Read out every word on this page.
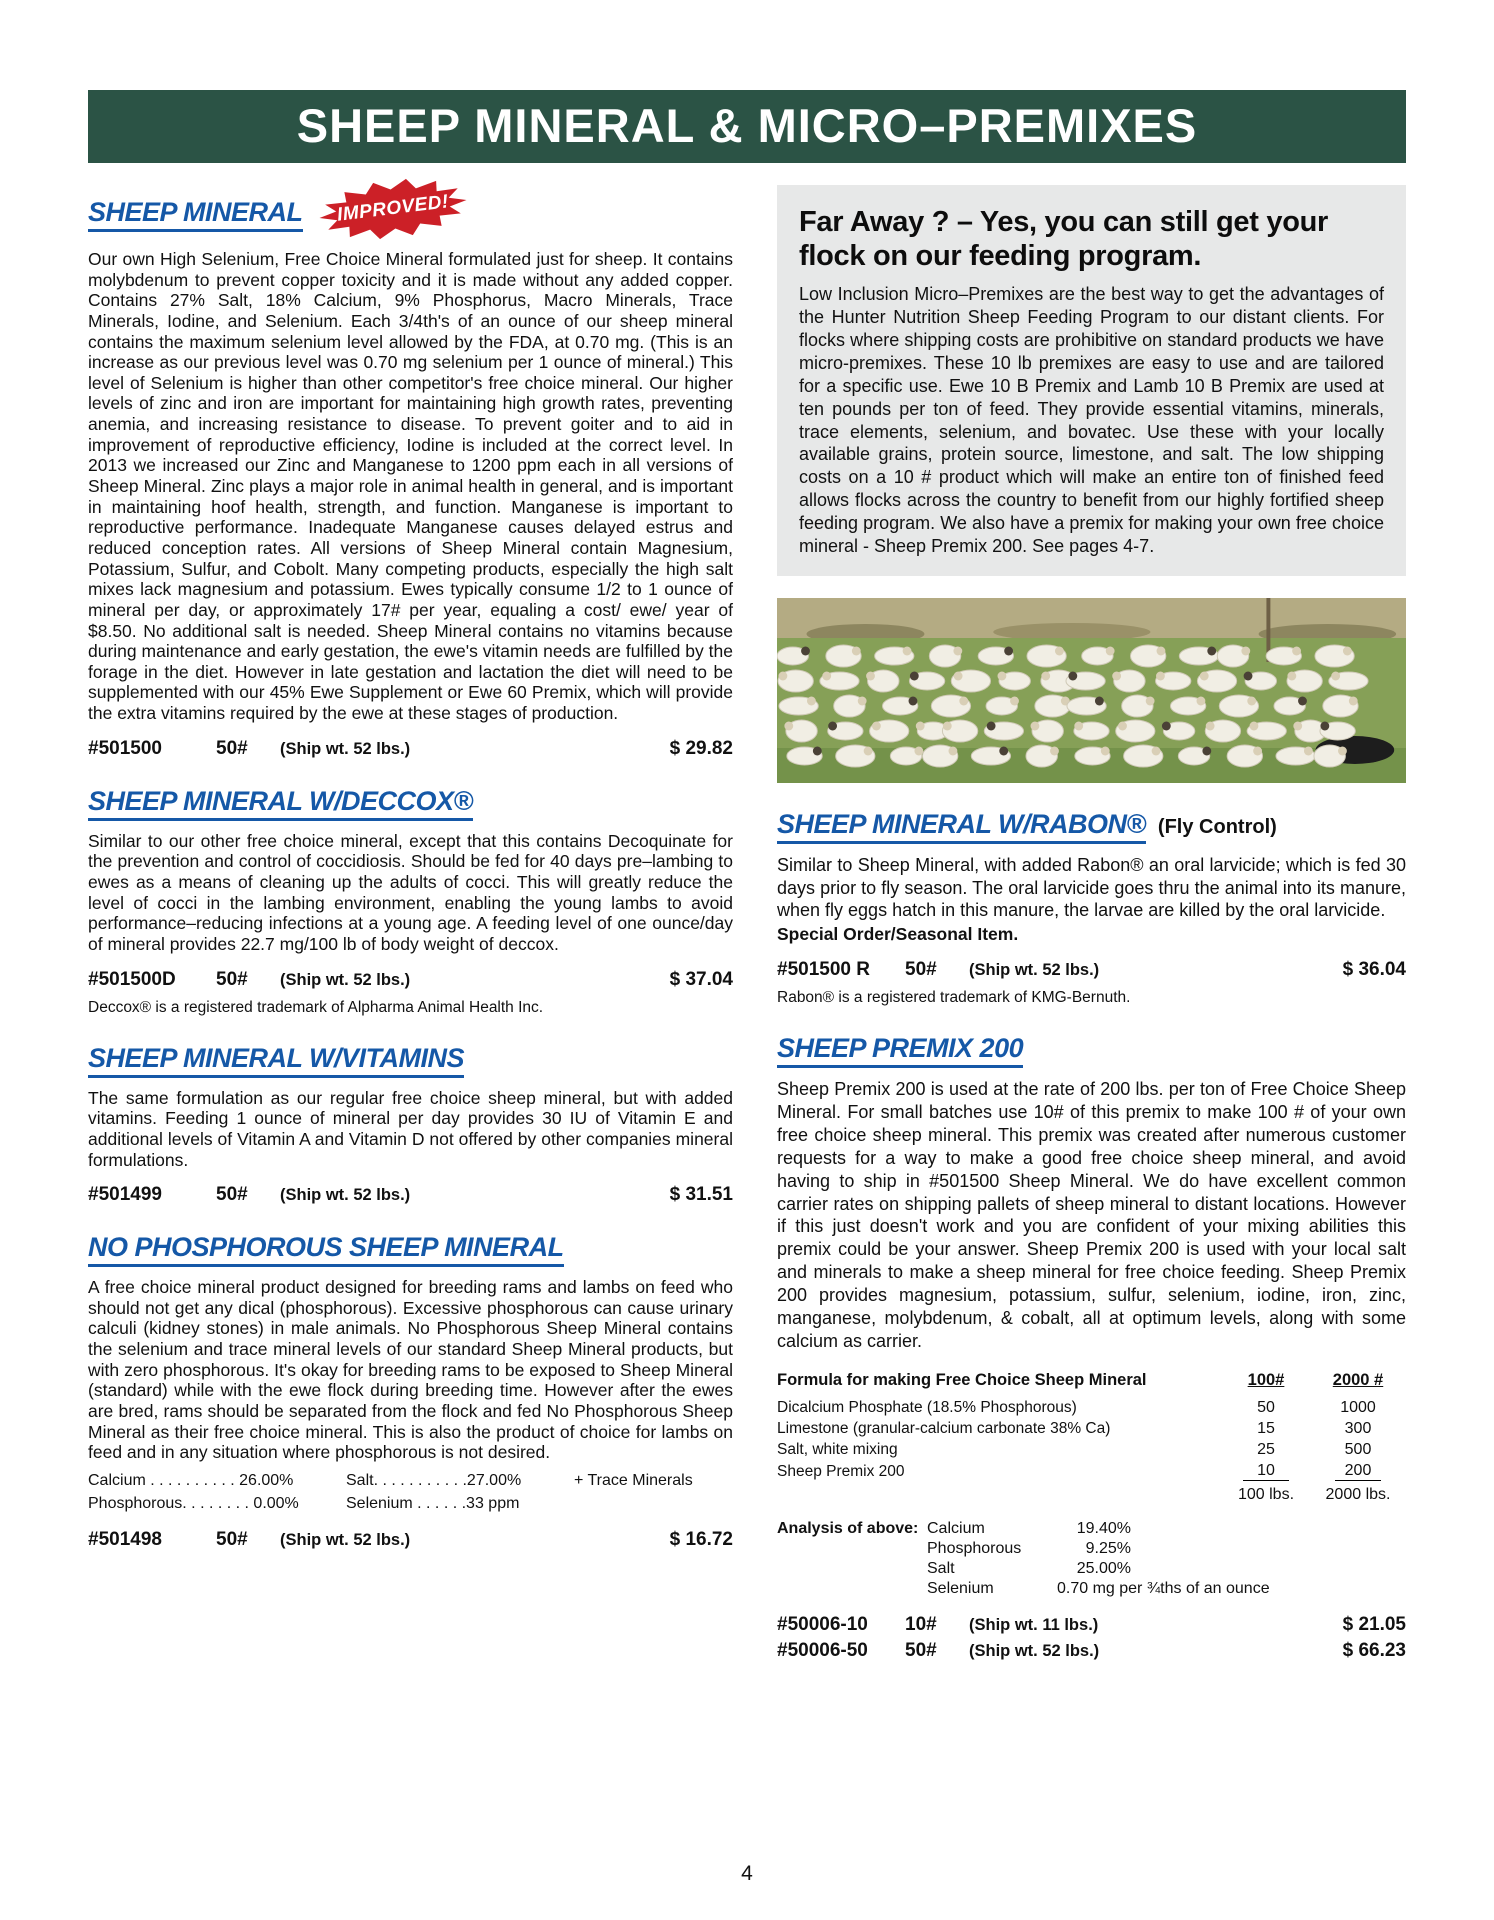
SHEEP MINERAL & MICRO–PREMIXES
SHEEP MINERAL	IMPROVED!
Our own High Selenium, Free Choice Mineral formulated just for sheep. It contains molybdenum to prevent copper toxicity and it is made without any added copper. Contains 27% Salt, 18% Calcium, 9% Phosphorus, Macro Minerals, Trace Minerals, Iodine, and Selenium. Each 3/4th's of an ounce of our sheep mineral contains the maximum selenium level allowed by the FDA, at 0.70 mg. (This is an increase as our previous level was 0.70 mg selenium per 1 ounce of mineral.) This level of Selenium is higher than other competitor's free choice mineral. Our higher levels of zinc and iron are important for maintaining high growth rates, preventing anemia, and increasing resistance to disease. To prevent goiter and to aid in improvement of reproductive efficiency, Iodine is included at the correct level. In 2013 we increased our Zinc and Manganese to 1200 ppm each in all versions of Sheep Mineral. Zinc plays a major role in animal health in general, and is important in maintaining hoof health, strength, and function. Manganese is important to reproductive performance. Inadequate Manganese causes delayed estrus and reduced conception rates. All versions of Sheep Mineral contain Magnesium, Potassium, Sulfur, and Cobolt. Many competing products, especially the high salt mixes lack magnesium and potassium. Ewes typically consume 1/2 to 1 ounce of mineral per day, or approximately 17# per year, equaling a cost/ ewe/ year of $8.50. No additional salt is needed. Sheep Mineral contains no vitamins because during maintenance and early gestation, the ewe's vitamin needs are fulfilled by the forage in the diet. However in late gestation and lactation the diet will need to be supplemented with our 45% Ewe Supplement or Ewe 60 Premix, which will provide the extra vitamins required by the ewe at these stages of production.
#501500	50#	(Ship wt. 52 lbs.)	$ 29.82
SHEEP MINERAL W/DECCOX®
Similar to our other free choice mineral, except that this contains Decoquinate for the prevention and control of coccidiosis. Should be fed for 40 days pre–lambing to ewes as a means of cleaning up the adults of cocci. This will greatly reduce the level of cocci in the lambing environment, enabling the young lambs to avoid performance–reducing infections at a young age. A feeding level of one ounce/day of mineral provides 22.7 mg/100 lb of body weight of deccox.
#501500D	50#	(Ship wt. 52 lbs.)	$ 37.04
Deccox® is a registered trademark of Alpharma Animal Health Inc.
SHEEP MINERAL W/VITAMINS
The same formulation as our regular free choice sheep mineral, but with added vitamins. Feeding 1 ounce of mineral per day provides 30 IU of Vitamin E and additional levels of Vitamin A and Vitamin D not offered by other companies mineral formulations.
#501499	50#	(Ship wt. 52 lbs.)	$ 31.51
NO PHOSPHOROUS SHEEP MINERAL
A free choice mineral product designed for breeding rams and lambs on feed who should not get any dical (phosphorous). Excessive phosphorous can cause urinary calculi (kidney stones) in male animals. No Phosphorous Sheep Mineral contains the selenium and trace mineral levels of our standard Sheep Mineral products, but with zero phosphorous. It's okay for breeding rams to be exposed to Sheep Mineral (standard) while with the ewe flock during breeding time. However after the ewes are bred, rams should be separated from the flock and fed No Phosphorous Sheep Mineral as their free choice mineral. This is also the product of choice for lambs on feed and in any situation where phosphorous is not desired.
Calcium . . . . . . . . . . 26.00%	Salt. . . . . . . . . . .27.00%	+ Trace Minerals
Phosphorous. . . . . . . . 0.00%	Selenium . . . . . .33 ppm
#501498	50#	(Ship wt. 52 lbs.)	$ 16.72
Far Away ? – Yes, you can still get your flock on our feeding program.
Low Inclusion Micro–Premixes are the best way to get the advantages of the Hunter Nutrition Sheep Feeding Program to our distant clients. For flocks where shipping costs are prohibitive on standard products we have micro-premixes. These 10 lb premixes are easy to use and are tailored for a specific use. Ewe 10 B Premix and Lamb 10 B Premix are used at ten pounds per ton of feed. They provide essential vitamins, minerals, trace elements, selenium, and bovatec. Use these with your locally available grains, protein source, limestone, and salt. The low shipping costs on a 10 # product which will make an entire ton of finished feed allows flocks across the country to benefit from our highly fortified sheep feeding program. We also have a premix for making your own free choice mineral - Sheep Premix 200. See pages 4-7.
SHEEP MINERAL W/RABON® (Fly Control)
Similar to Sheep Mineral, with added Rabon® an oral larvicide; which is fed 30 days prior to fly season. The oral larvicide goes thru the animal into its manure, when fly eggs hatch in this manure, the larvae are killed by the oral larvicide.
Special Order/Seasonal Item.
#501500 R	50#	(Ship wt. 52 lbs.)	$ 36.04
Rabon® is a registered trademark of KMG-Bernuth.
SHEEP PREMIX 200
Sheep Premix 200 is used at the rate of 200 lbs. per ton of Free Choice Sheep Mineral. For small batches use 10# of this premix to make 100 # of your own free choice sheep mineral. This premix was created after numerous customer requests for a way to make a good free choice sheep mineral, and avoid having to ship in #501500 Sheep Mineral. We do have excellent common carrier rates on shipping pallets of sheep mineral to distant locations. However if this just doesn't work and you are confident of your mixing abilities this premix could be your answer. Sheep Premix 200 is used with your local salt and minerals to make a sheep mineral for free choice feeding. Sheep Premix 200 provides magnesium, potassium, sulfur, selenium, iodine, iron, zinc, manganese, molybdenum, & cobalt, all at optimum levels, along with some calcium as carrier.
Formula for making Free Choice Sheep Mineral	100#	2000 #
Dicalcium Phosphate (18.5% Phosphorous)	50	1000
Limestone (granular-calcium carbonate 38% Ca)	15	300
Salt, white mixing	25	500
Sheep Premix 200	10	200
100 lbs.	2000 lbs.
Analysis of above: Calcium	19.40%
Phosphorous	9.25%
Salt	25.00%
Selenium	0.70 mg per ¾ths of an ounce
#50006-10	10#	(Ship wt. 11 lbs.)	$ 21.05
#50006-50	50#	(Ship wt. 52 lbs.)	$ 66.23
4
